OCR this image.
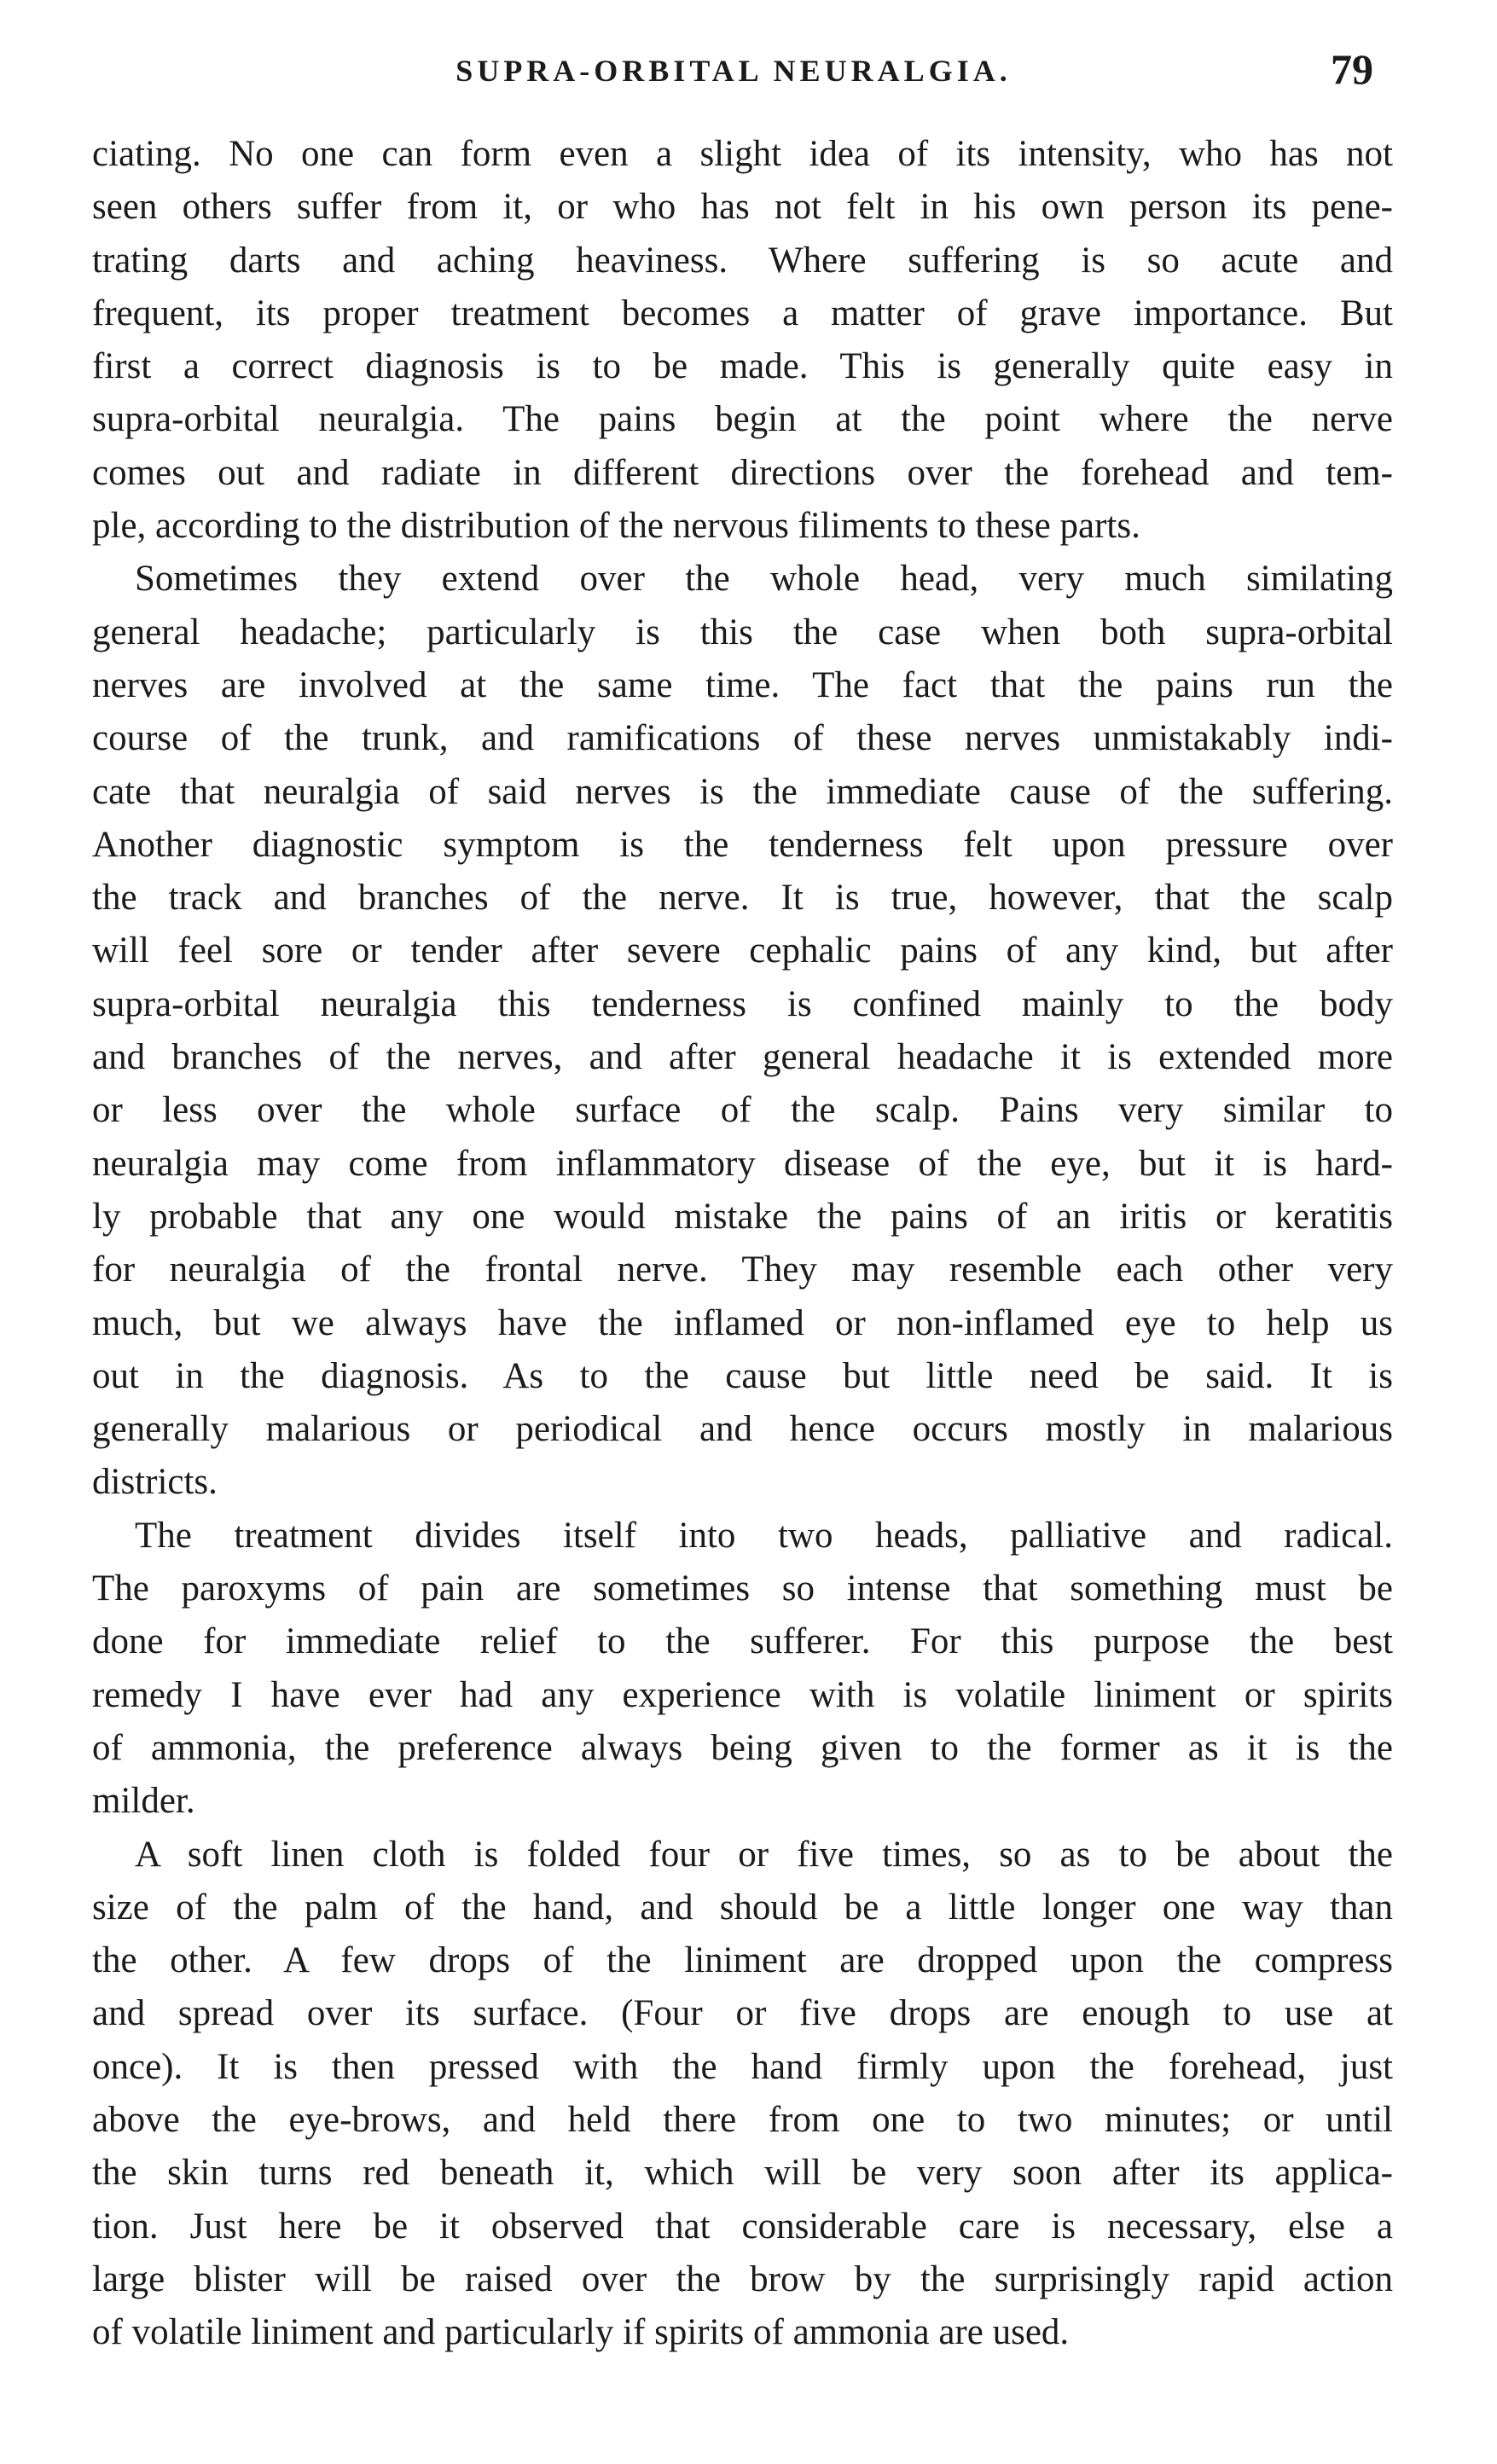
SUPRA-ORBITAL NEURALGIA.	79
ciating. No one can form even a slight idea of its intensity, who has not
seen others suffer from it, or who has not felt in his own person its pene-
trating darts and aching heaviness. Where suffering is so acute and
frequent, its proper treatment becomes a matter of grave importance. But
first a correct diagnosis is to be made. This is generally quite easy in
supra-orbital neuralgia. The pains begin at the point where the nerve
comes out and radiate in different directions over the forehead and tem-
ple, according to the distribution of the nervous filiments to these parts.
Sometimes they extend over the whole head, very much similating
general headache; particularly is this the case when both supra-orbital
nerves are involved at the same time. The fact that the pains run the
course of the trunk, and ramifications of these nerves unmistakably indi-
cate that neuralgia of said nerves is the immediate cause of the suffering.
Another diagnostic symptom is the tenderness felt upon pressure over
the track and branches of the nerve. It is true, however, that the scalp
will feel sore or tender after severe cephalic pains of any kind, but after
supra-orbital neuralgia this tenderness is confined mainly to the body
and branches of the nerves, and after general headache it is extended more
or less over the whole surface of the scalp. Pains very similar to
neuralgia may come from inflammatory disease of the eye, but it is hard-
ly probable that any one would mistake the pains of an iritis or keratitis
for neuralgia of the frontal nerve. They may resemble each other very
much, but we always have the inflamed or non-inflamed eye to help us
out in the diagnosis. As to the cause but little need be said. It is
generally malarious or periodical and hence occurs mostly in malarious
districts.
The treatment divides itself into two heads, palliative and radical.
The paroxyms of pain are sometimes so intense that something must be
done for immediate relief to the sufferer. For this purpose the best
remedy I have ever had any experience with is volatile liniment or spirits
of ammonia, the preference always being given to the former as it is the
milder.
A soft linen cloth is folded four or five times, so as to be about the
size of the palm of the hand, and should be a little longer one way than
the other. A few drops of the liniment are dropped upon the compress
and spread over its surface. (Four or five drops are enough to use at
once). It is then pressed with the hand firmly upon the forehead, just
above the eye-brows, and held there from one to two minutes; or until
the skin turns red beneath it, which will be very soon after its applica-
tion. Just here be it observed that considerable care is necessary, else a
large blister will be raised over the brow by the surprisingly rapid action
of volatile liniment and particularly if spirits of ammonia are used.
